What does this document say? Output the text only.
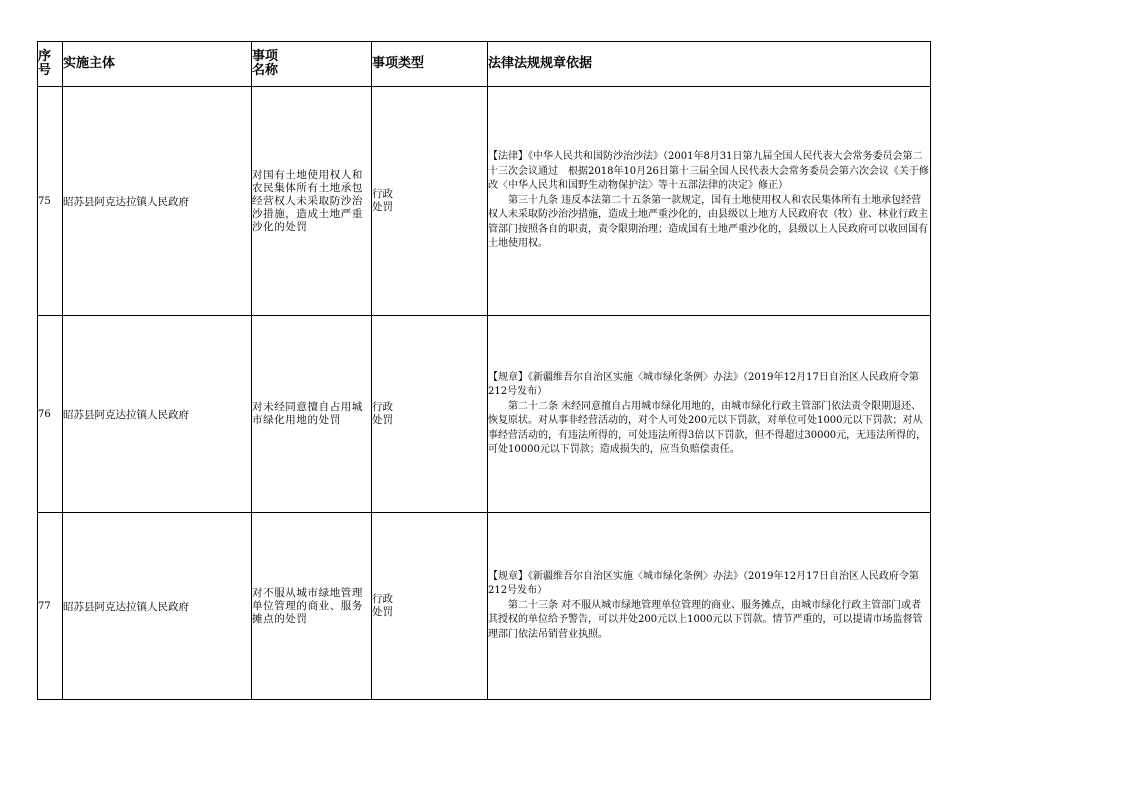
序号	实施主体	事项名称	事项类型	法律法规规章依据
75	昭苏县阿克达拉镇人民政府	对国有土地使用权人和农民集体所有土地承包经营权人未采取防沙治沙措施，造成土地严重沙化的处罚	行政处罚	【法律】《中华人民共和国防沙治沙法》（2001年8月31日第九届全国人民代表大会常务委员会第二十三次会议通过　根据2018年10月26日第十三届全国人民代表大会常务委员会第六次会议《关于修改〈中华人民共和国野生动物保护法〉等十五部法律的决定》修正）
第三十九条 违反本法第二十五条第一款规定，国有土地使用权人和农民集体所有土地承包经营权人未采取防沙治沙措施，造成土地严重沙化的，由县级以上地方人民政府农（牧）业、林业行政主管部门按照各自的职责，责令限期治理；造成国有土地严重沙化的，县级以上人民政府可以收回国有土地使用权。

76	昭苏县阿克达拉镇人民政府	对未经同意擅自占用城市绿化用地的处罚	行政处罚	【规章】《新疆维吾尔自治区实施〈城市绿化条例〉办法》（2019年12月17日自治区人民政府令第212号发布）
第二十二条 未经同意擅自占用城市绿化用地的，由城市绿化行政主管部门依法责令限期退还、恢复原状。对从事非经营活动的，对个人可处200元以下罚款，对单位可处1000元以下罚款；对从事经营活动的，有违法所得的，可处违法所得3倍以下罚款，但不得超过30000元，无违法所得的，可处10000元以下罚款；造成损失的，应当负赔偿责任。

77	昭苏县阿克达拉镇人民政府	对不服从城市绿地管理单位管理的商业、服务摊点的处罚	行政处罚	【规章】《新疆维吾尔自治区实施〈城市绿化条例〉办法》（2019年12月17日自治区人民政府令第212号发布）
第二十三条 对不服从城市绿地管理单位管理的商业、服务摊点，由城市绿化行政主管部门或者其授权的单位给予警告，可以并处200元以上1000元以下罚款。情节严重的，可以提请市场监督管理部门依法吊销营业执照。
